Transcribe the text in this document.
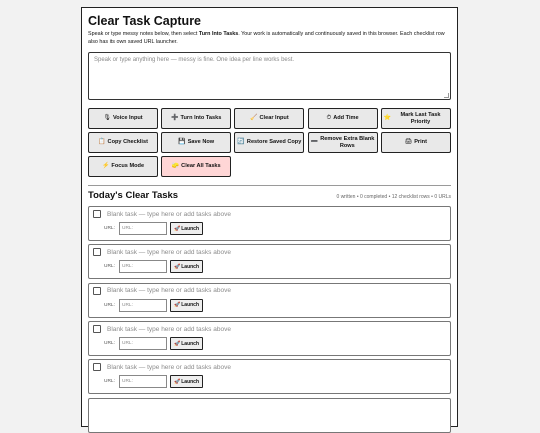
Clear Task Capture
Speak or type messy notes below, then select Turn Into Tasks. Your work is automatically and continuously saved in this browser. Each checklist row also has its own saved URL launcher.
Speak or type anything here — messy is fine. One idea per line works best.
🎙 Voice Input	➕ Turn Into Tasks	🧹 Clear Input	⏱ Add Time	⭐
Mark Last Task Priority
📋 Copy Checklist	💾 Save Now	🔄 Restore Saved Copy ➖
Remove Extra Blank Rows
🖨 Print
⚡ Focus Mode	🧽 Clear All Tasks
Today's Clear Tasks	0 written • 0 completed • 12 checklist rows • 0 URLs
Blank task — type here or add tasks above
URL:	URL:	🚀 Launch
Blank task — type here or add tasks above
URL:	URL:	🚀 Launch
Blank task — type here or add tasks above
URL:	URL:	🚀 Launch
Blank task — type here or add tasks above
URL:	URL:	🚀 Launch
Blank task — type here or add tasks above
URL:	URL:	🚀 Launch
